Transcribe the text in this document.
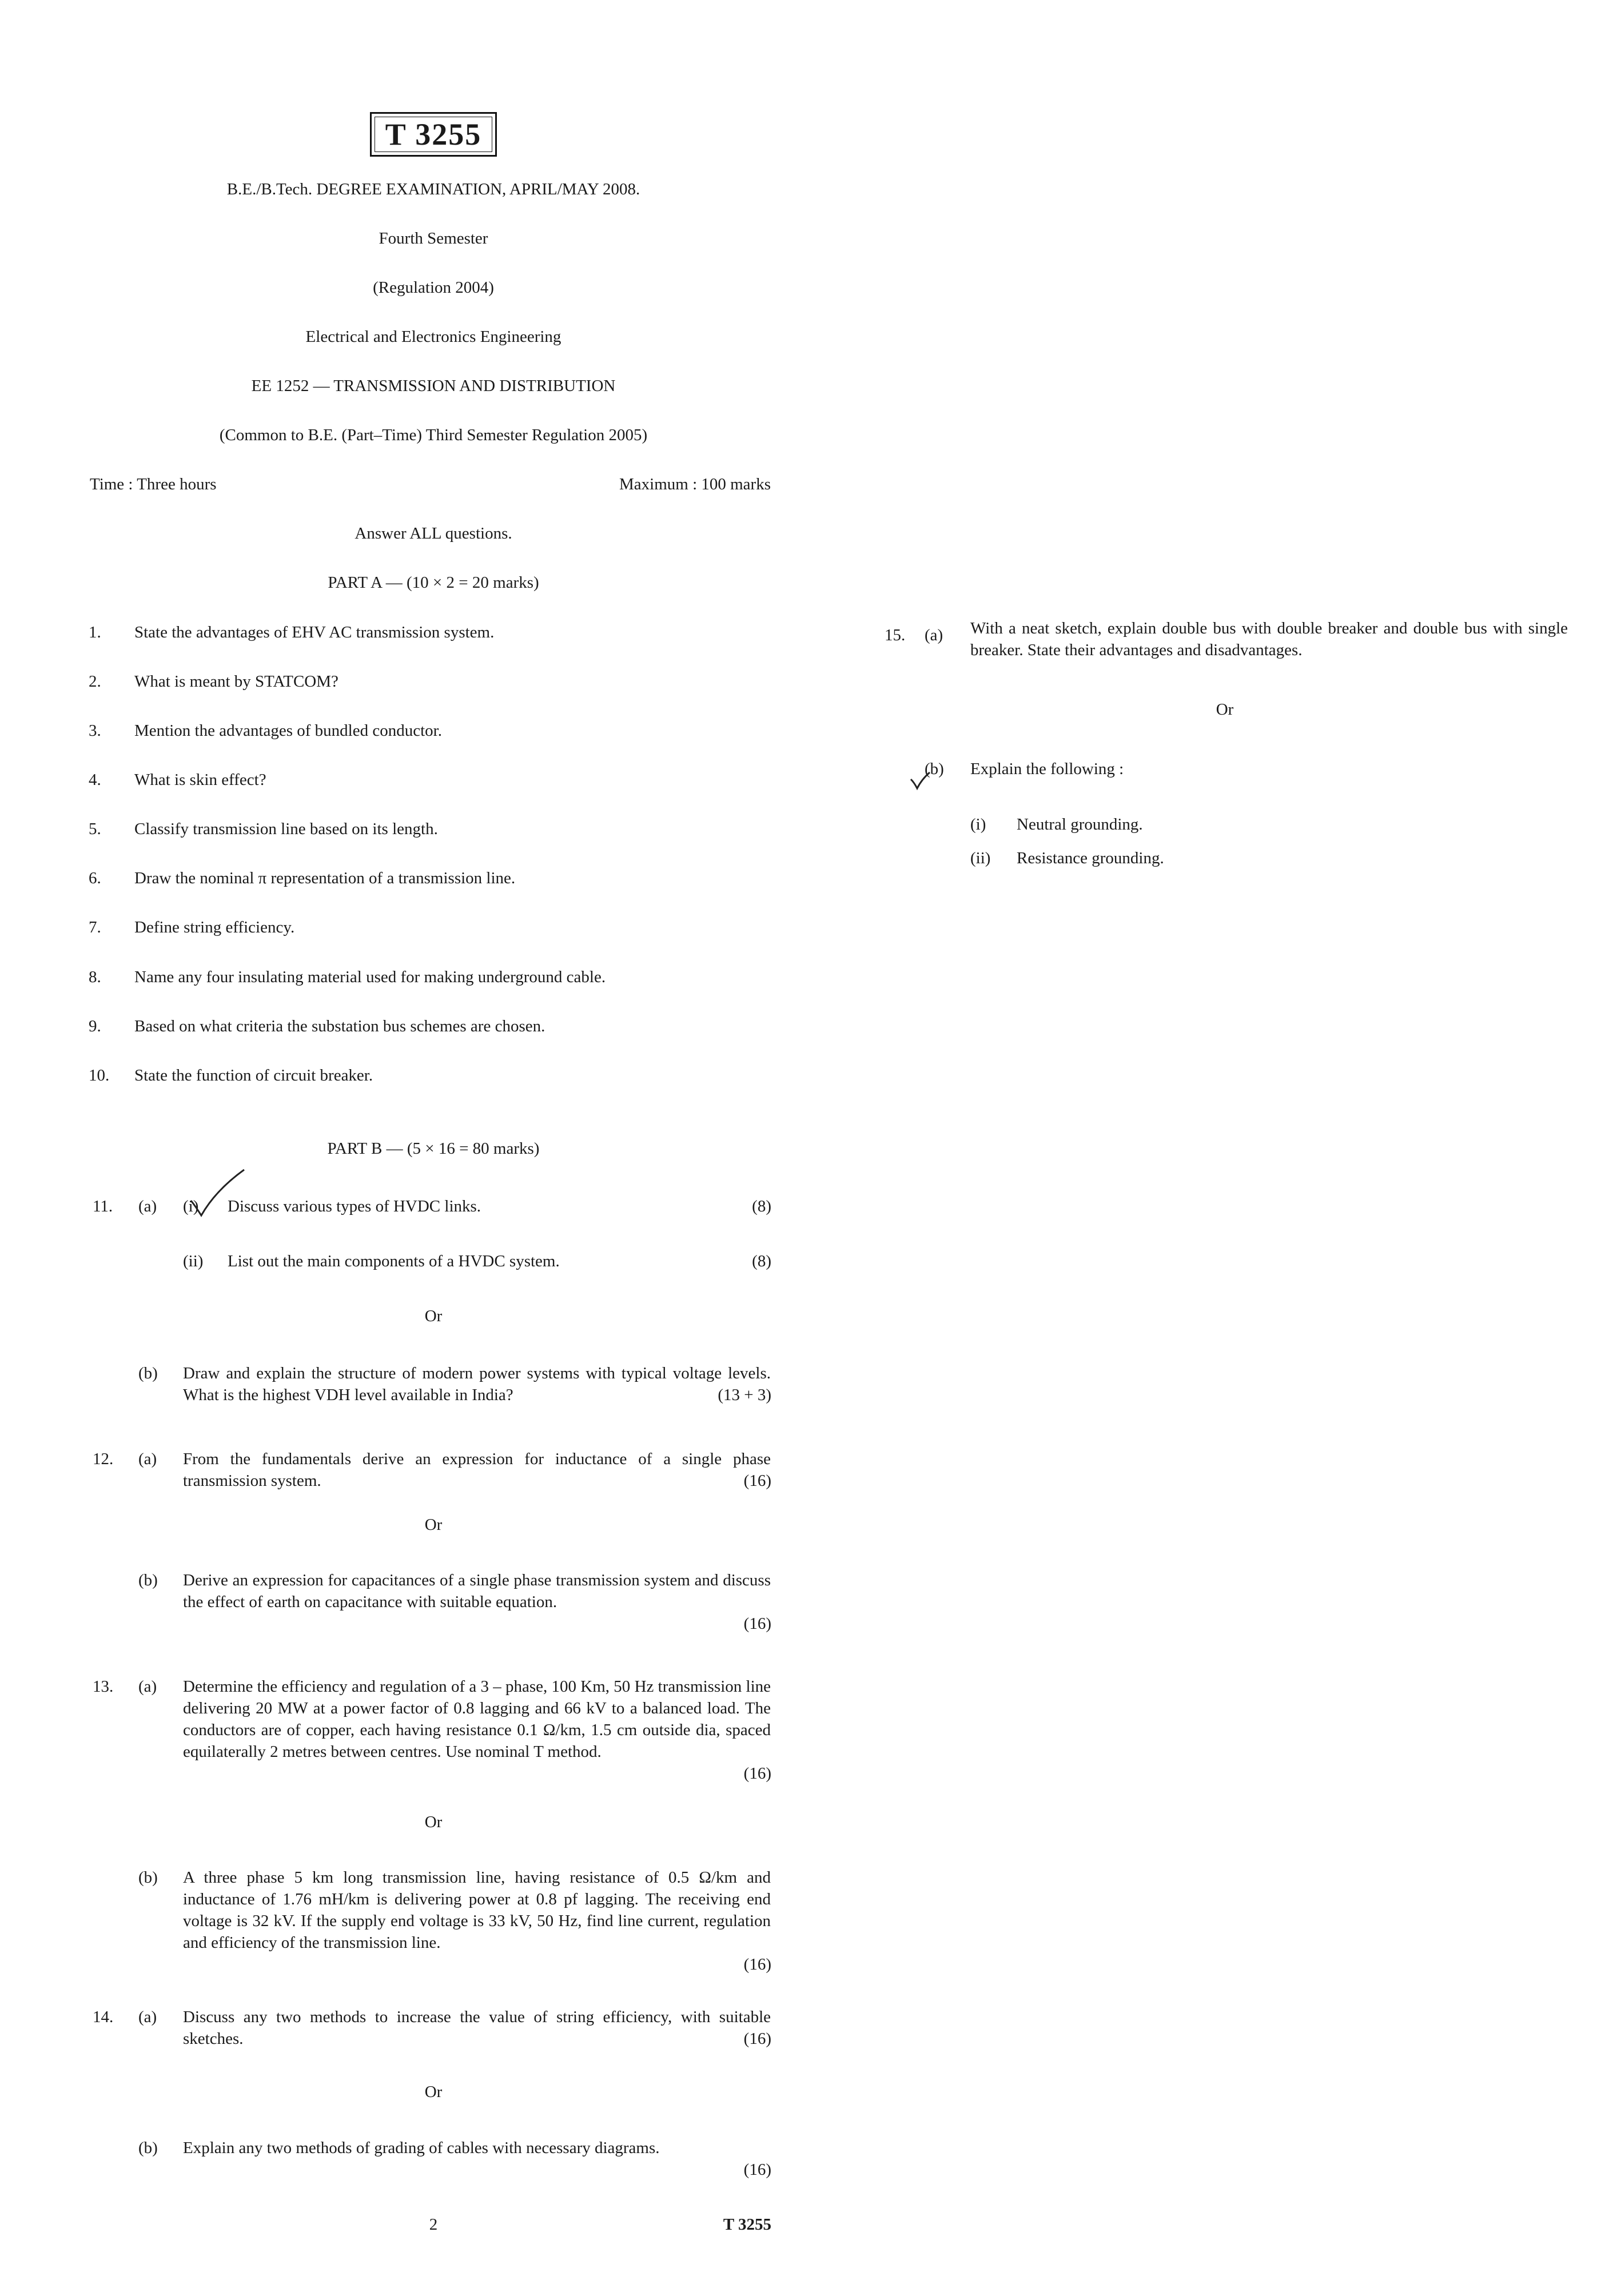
T 3255
B.E./B.Tech. DEGREE EXAMINATION, APRIL/MAY 2008.
Fourth Semester
(Regulation 2004)
Electrical and Electronics Engineering
EE 1252 — TRANSMISSION AND DISTRIBUTION
(Common to B.E. (Part–Time) Third Semester Regulation 2005)
Time : Three hours	Maximum : 100 marks
Answer ALL questions.
PART A — (10 × 2 = 20 marks)
1. State the advantages of EHV AC transmission system.
2. What is meant by STATCOM?
3. Mention the advantages of bundled conductor.
4. What is skin effect?
5. Classify transmission line based on its length.
6. Draw the nominal π representation of a transmission line.
7. Define string efficiency.
8. Name any four insulating material used for making underground cable.
9. Based on what criteria the substation bus schemes are chosen.
10. State the function of circuit breaker.
PART B — (5 × 16 = 80 marks)
11. (a) (i) Discuss various types of HVDC links.	(8)
(ii) List out the main components of a HVDC system.	(8)
Or
(b) Draw and explain the structure of modern power systems with typical voltage levels. What is the highest VDH level available in India?	(13 + 3)
12. (a) From the fundamentals derive an expression for inductance of a single phase transmission system.	(16)
Or
(b) Derive an expression for capacitances of a single phase transmission system and discuss the effect of earth on capacitance with suitable equation.
(16)
13. (a) Determine the efficiency and regulation of a 3 – phase, 100 Km, 50 Hz transmission line delivering 20 MW at a power factor of 0.8 lagging and 66 kV to a balanced load. The conductors are of copper, each having resistance 0.1 Ω/km, 1.5 cm outside dia, spaced equilaterally 2 metres between centres. Use nominal T method.
(16)
Or
(b) A three phase 5 km long transmission line, having resistance of 0.5 Ω/km and inductance of 1.76 mH/km is delivering power at 0.8 pf lagging. The receiving end voltage is 32 kV. If the supply end voltage is 33 kV, 50 Hz, find line current, regulation and efficiency of the transmission line.
(16)
14. (a) Discuss any two methods to increase the value of string efficiency, with suitable sketches.	(16)
Or
(b) Explain any two methods of grading of cables with necessary diagrams.
(16)
2	T 3255
15. (a) With a neat sketch, explain double bus with double breaker and double bus with single breaker. State their advantages and disadvantages.
Or
(b) Explain the following :
(i) Neutral grounding.
(ii) Resistance grounding.
